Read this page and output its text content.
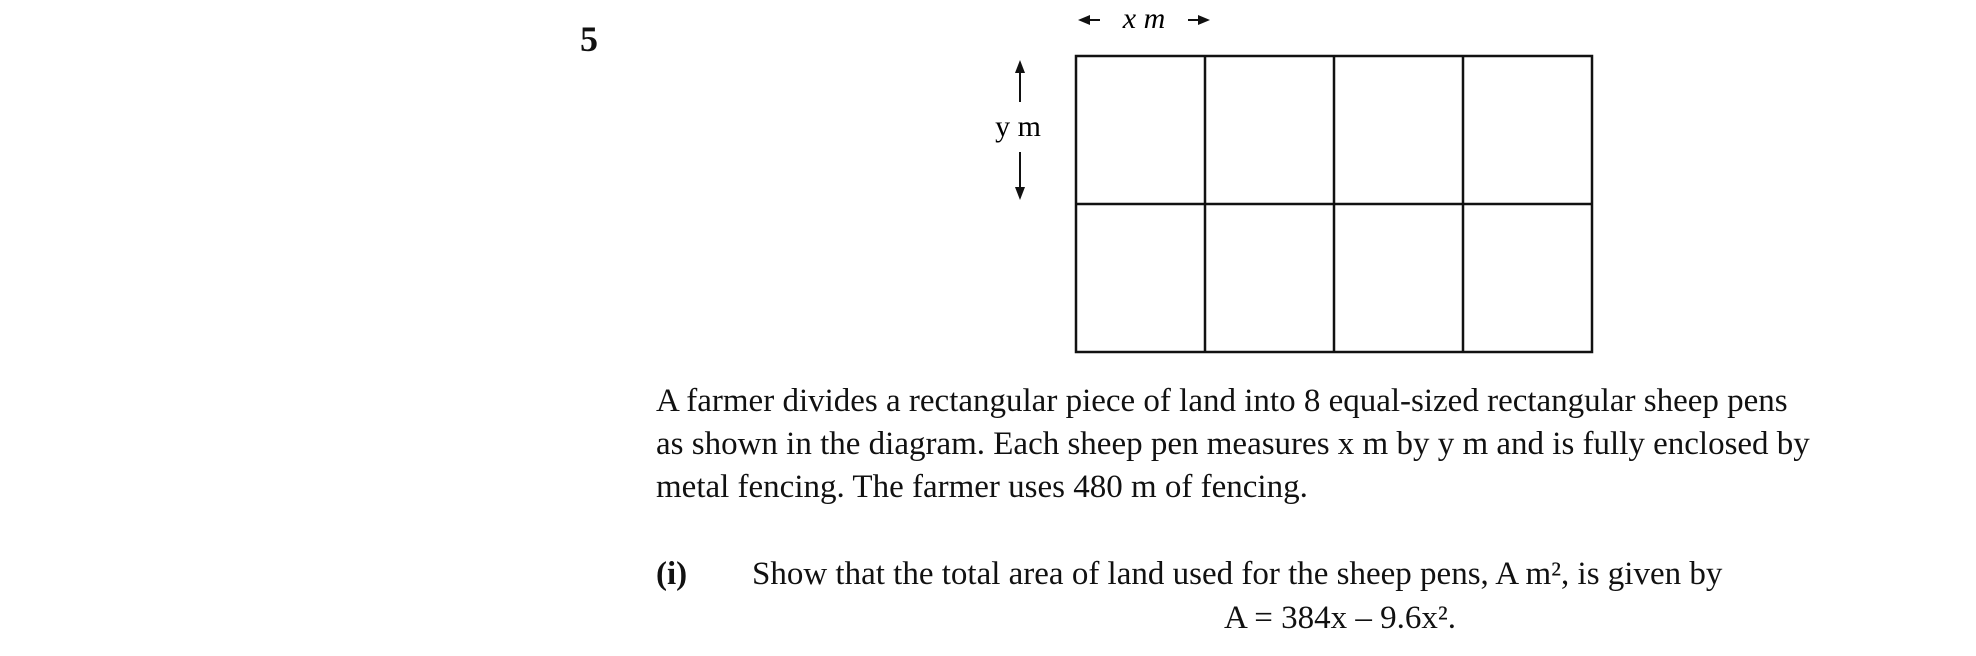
5
x m
y m
A farmer divides a rectangular piece of land into 8 equal-sized rectangular sheep pens
as shown in the diagram. Each sheep pen measures x m by y m and is fully enclosed by
metal fencing. The farmer uses 480 m of fencing.
(i) Show that the total area of land used for the sheep pens, A m², is given by
A = 384x – 9.6x².
